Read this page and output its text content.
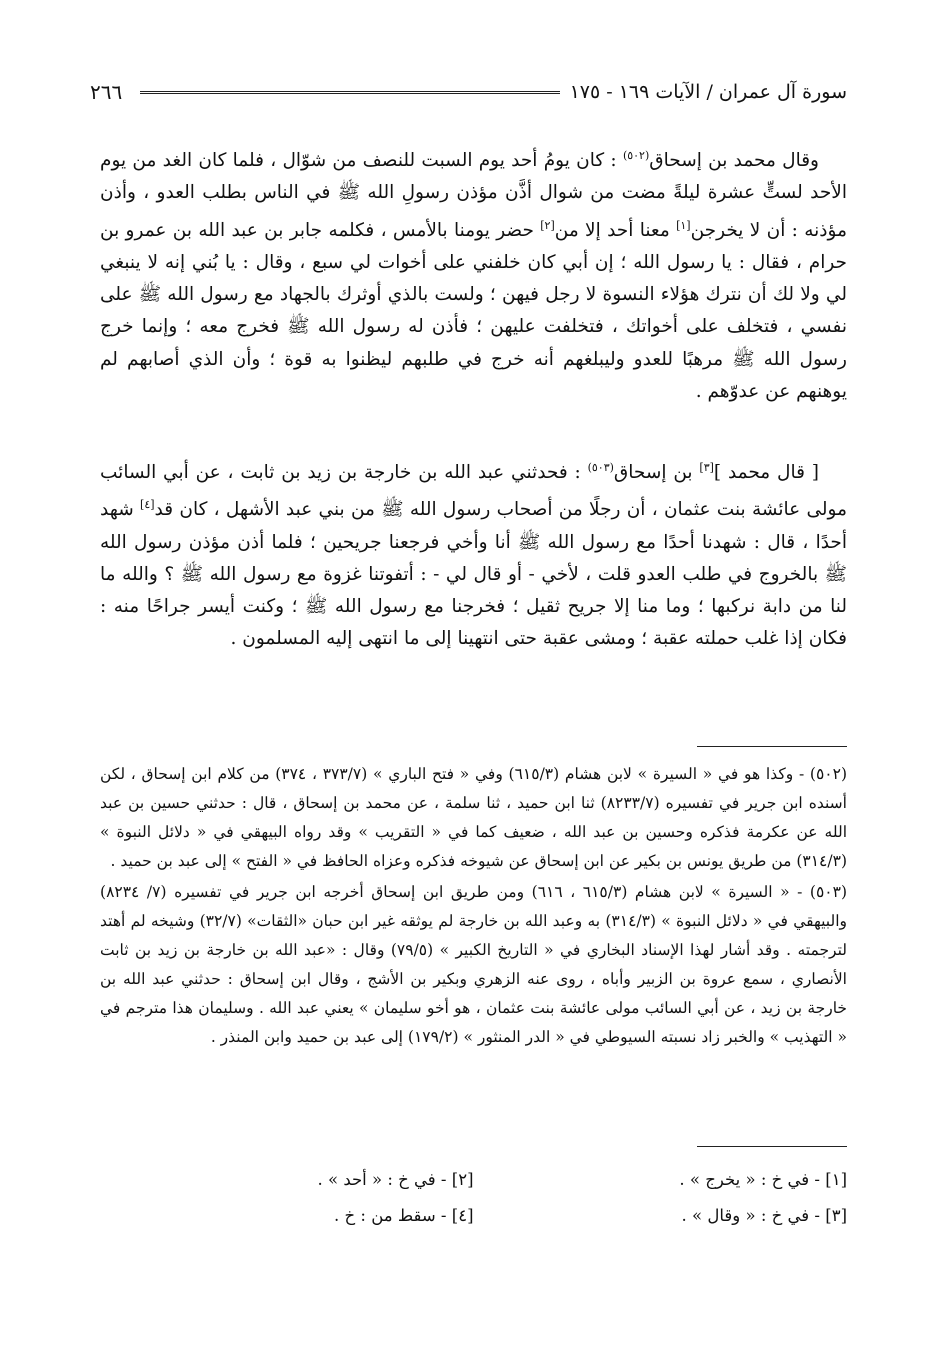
٢٦٦	سورة آل عمران / الآيات ١٦٩ - ١٧٥

وقال محمد بن إسحاق$^{(٥٠٢)}$ : كان يومُ أحد يوم السبت للنصف من شوّال ، فلما كان الغد من يوم الأحد لستٍّ عشرة ليلةً مضت من شوال أذَّن مؤذن رسولِ الله ﷺ في الناس بطلب العدو ، وأذن مؤذنه : أن لا يخرجن[١] معنا أحد إلا من[٢] حضر يومنا بالأمس ، فكلمه جابر بن عبد الله بن عمرو بن حرام ، فقال : يا رسول الله ؛ إن أبي كان خلفني على أخوات لي سبع ، وقال : يا بُني إنه لا ينبغي لي ولا لك أن نترك هؤلاء النسوة لا رجل فيهن ؛ ولست بالذي أوثرك بالجهاد مع رسول الله ﷺ على نفسي ، فتخلف على أخواتك ، فتخلفت عليهن ؛ فأذن له رسول الله ﷺ فخرج معه ؛ وإنما خرج رسول الله ﷺ مرهبًا للعدو وليبلغهم أنه خرج في طلبهم ليظنوا به قوة ؛ وأن الذي أصابهم لم يوهنهم عن عدوّهم .

[ قال محمد ][٣] بن إسحاق$^{(٥٠٣)}$ : فحدثني عبد الله بن خارجة بن زيد بن ثابت ، عن أبي السائب مولى عائشة بنت عثمان ، أن رجلًا من أصحاب رسول الله ﷺ من بني عبد الأشهل ، كان قد[٤] شهد أحدًا ، قال : شهدنا أحدًا مع رسول الله ﷺ أنا وأخي فرجعنا جريحين ؛ فلما أذن مؤذن رسول الله ﷺ بالخروج في طلب العدو قلت ، لأخي - أو قال لي - : أتفوتنا غزوة مع رسول الله ﷺ ؟ والله ما لنا من دابة نركبها ؛ وما منا إلا جريح ثقيل ؛ فخرجنا مع رسول الله ﷺ ؛ وكنت أيسر جراحًا منه : فكان إذا غلب حملته عقبة ؛ ومشى عقبة حتى انتهينا إلى ما انتهى إليه المسلمون .

(٥٠٢) - وكذا هو في « السيرة » لابن هشام (٦١٥/٣) وفي « فتح الباري » (٣٧٣/٧ ، ٣٧٤) من كلام ابن إسحاق ، لكن أسنده ابن جرير في تفسيره (٨٢٣٣/٧) ثنا ابن حميد ، ثنا سلمة ، عن محمد بن إسحاق ، قال : حدثني حسين بن عبد الله عن عكرمة فذكره وحسين بن عبد الله ، ضعيف كما في « التقريب » وقد رواه البيهقي في « دلائل النبوة » (٣١٤/٣) من طريق يونس بن بكير عن ابن إسحاق عن شيوخه فذكره وعزاه الحافظ في « الفتح » إلى عبد بن حميد .

(٥٠٣) - « السيرة » لابن هشام (٦١٥/٣ ، ٦١٦) ومن طريق ابن إسحاق أخرجه ابن جرير في تفسيره (٧/ ٨٢٣٤) والبيهقي في « دلائل النبوة » (٣١٤/٣) به وعبد الله بن خارجة لم يوثقه غير ابن حبان «الثقات» (٣٢/٧) وشيخه لم أهتد لترجمته . وقد أشار لهذا الإسناد البخاري في « التاريخ الكبير » (٧٩/٥) وقال : «عبد الله بن خارجة بن زيد بن ثابت الأنصاري ، سمع عروة بن الزبير وأباه ، روى عنه الزهري وبكير بن الأشج ، وقال ابن إسحاق : حدثني عبد الله بن خارجة بن زيد ، عن أبي السائب مولى عائشة بنت عثمان ، هو أخو سليمان » يعني عبد الله . وسليمان هذا مترجم في « التهذيب » والخبر زاد نسبته السيوطي في « الدر المنثور » (١٧٩/٢) إلى عبد بن حميد وابن المنذر .

[١] - في خ : « يخرج » .
[٢] - في خ : « أحد » .
[٣] - في خ : « وقال » .
[٤] - سقط من : خ .
